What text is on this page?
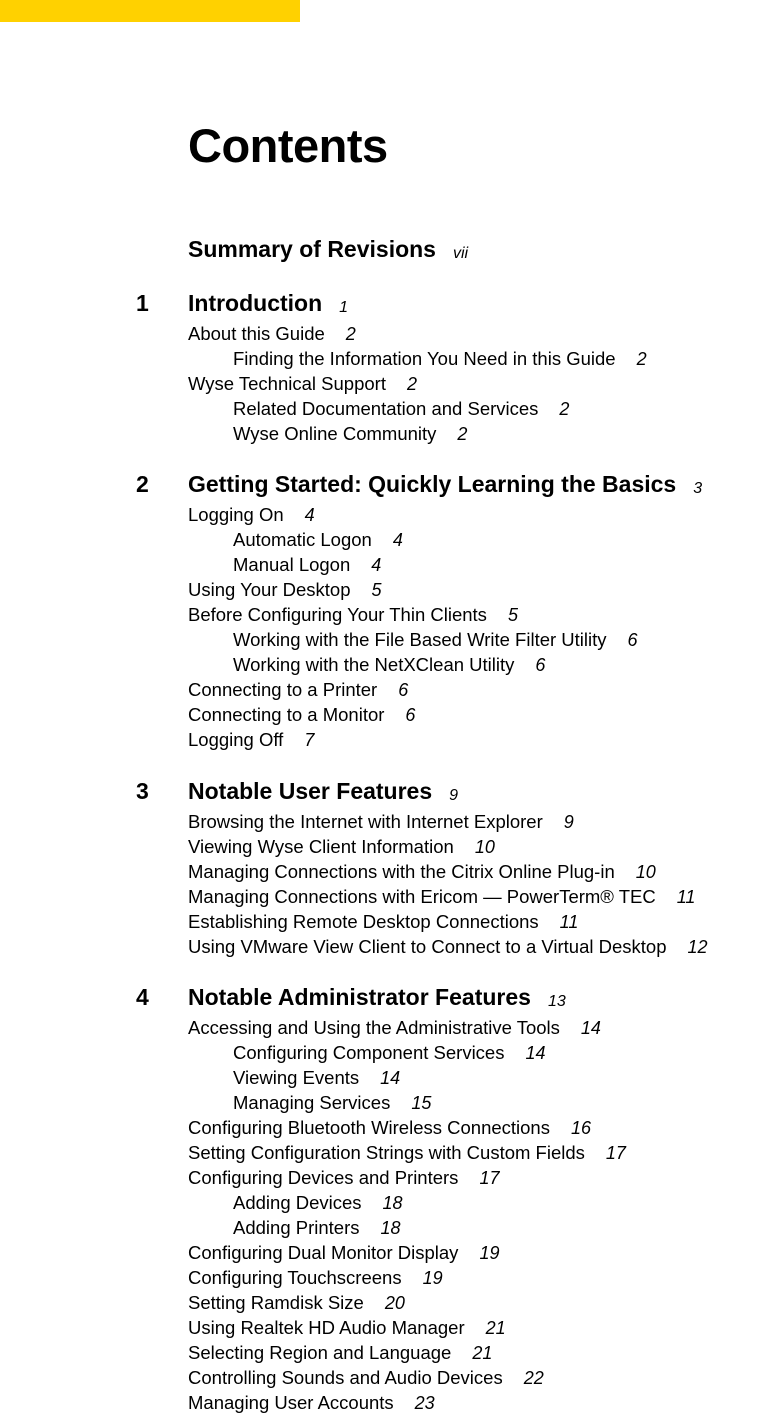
Contents
Summary of Revisions vii
1 Introduction 1
About this Guide 2
Finding the Information You Need in this Guide 2
Wyse Technical Support 2
Related Documentation and Services 2
Wyse Online Community 2
2 Getting Started: Quickly Learning the Basics 3
Logging On 4
Automatic Logon 4
Manual Logon 4
Using Your Desktop 5
Before Configuring Your Thin Clients 5
Working with the File Based Write Filter Utility 6
Working with the NetXClean Utility 6
Connecting to a Printer 6
Connecting to a Monitor 6
Logging Off 7
3 Notable User Features 9
Browsing the Internet with Internet Explorer 9
Viewing Wyse Client Information 10
Managing Connections with the Citrix Online Plug-in 10
Managing Connections with Ericom — PowerTerm® TEC 11
Establishing Remote Desktop Connections 11
Using VMware View Client to Connect to a Virtual Desktop 12
4 Notable Administrator Features 13
Accessing and Using the Administrative Tools 14
Configuring Component Services 14
Viewing Events 14
Managing Services 15
Configuring Bluetooth Wireless Connections 16
Setting Configuration Strings with Custom Fields 17
Configuring Devices and Printers 17
Adding Devices 18
Adding Printers 18
Configuring Dual Monitor Display 19
Configuring Touchscreens 19
Setting Ramdisk Size 20
Using Realtek HD Audio Manager 21
Selecting Region and Language 21
Controlling Sounds and Audio Devices 22
Managing User Accounts 23
